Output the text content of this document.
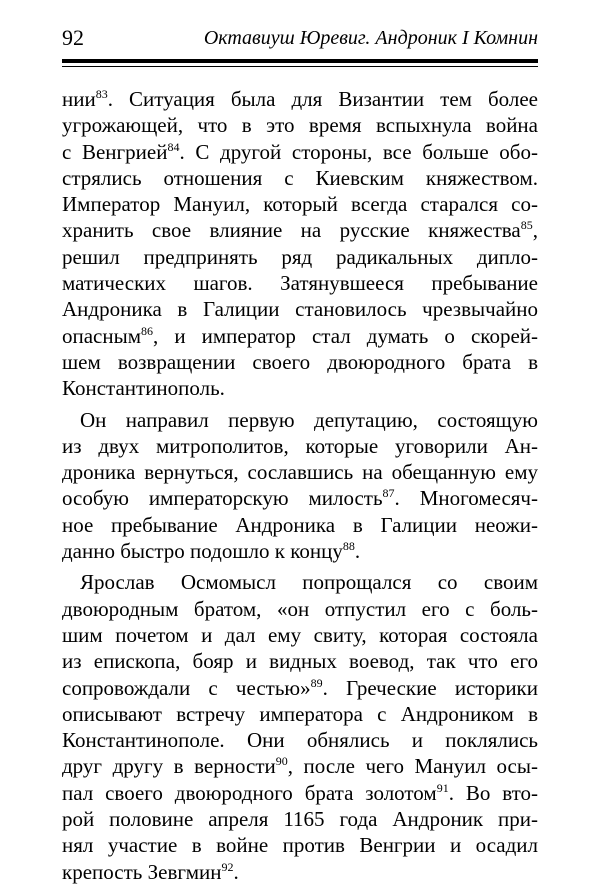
92	Октавиуш Юревиг. Андроник I Комнин
нии$^{83}$. Ситуация была для Византии тем более
угрожающей, что в это время вспыхнула война
с Венгрией$^{84}$. С другой стороны, все больше обо-
стрялись отношения с Киевским княжеством.
Император Мануил, который всегда старался со-
хранить свое влияние на русские княжества$^{85}$,
решил предпринять ряд радикальных дипло-
матических шагов. Затянувшееся пребывание
Андроника в Галиции становилось чрезвычайно
опасным$^{86}$, и император стал думать о скорей-
шем возвращении своего двоюродного брата в
Константинополь.
Он направил первую депутацию, состоящую
из двух митрополитов, которые уговорили Ан-
дроника вернуться, сославшись на обещанную ему
особую императорскую милость$^{87}$. Многомесяч-
ное пребывание Андроника в Галиции неожи-
данно быстро подошло к концу$^{88}$.
Ярослав Осмомысл попрощался со своим
двоюродным братом, «он отпустил его с боль-
шим почетом и дал ему свиту, которая состояла
из епископа, бояр и видных воевод, так что его
сопровождали с честью»$^{89}$. Греческие историки
описывают встречу императора с Андроником в
Константинополе. Они обнялись и поклялись
друг другу в верности$^{90}$, после чего Мануил осы-
пал своего двоюродного брата золотом$^{91}$. Во вто-
рой половине апреля 1165 года Андроник при-
нял участие в войне против Венгрии и осадил
крепость Зевгмин$^{92}$.
